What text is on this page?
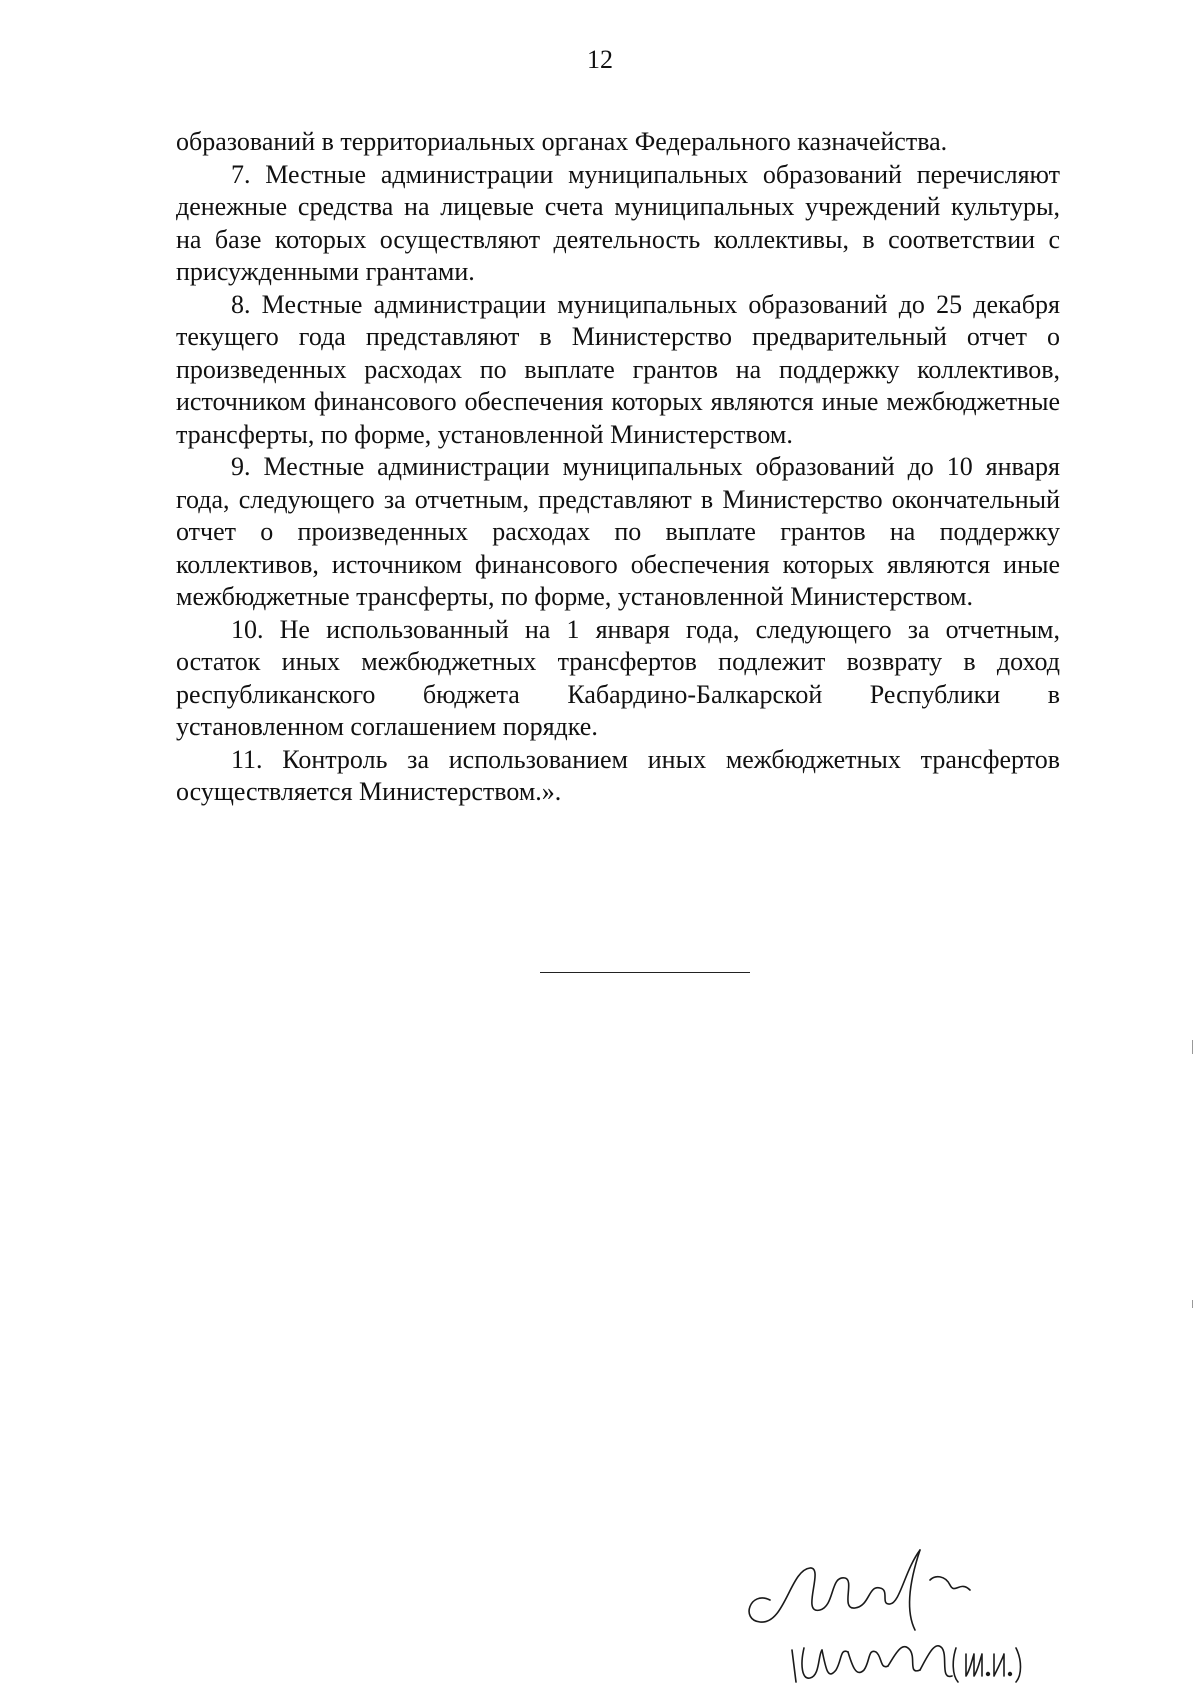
12

образований в территориальных органах Федерального казначейства.

7. Местные администрации муниципальных образований перечисляют денежные средства на лицевые счета муниципальных учреждений культуры, на базе которых осуществляют деятельность коллективы, в соответствии с присужденными грантами.

8. Местные администрации муниципальных образований до 25 декабря текущего года представляют в Министерство предварительный отчет о произведенных расходах по выплате грантов на поддержку коллективов, источником финансового обеспечения которых являются иные межбюджетные трансферты, по форме, установленной Министерством.

9. Местные администрации муниципальных образований до 10 января года, следующего за отчетным, представляют в Министерство окончательный отчет о произведенных расходах по выплате грантов на поддержку коллективов, источником финансового обеспечения которых являются иные межбюджетные трансферты, по форме, установленной Министерством.

10. Не использованный на 1 января года, следующего за отчетным, остаток иных межбюджетных трансфертов подлежит возврату в доход республиканского бюджета Кабардино-Балкарской Республики в установленном соглашением порядке.

11. Контроль за использованием иных межбюджетных трансфертов осуществляется Министерством.».
